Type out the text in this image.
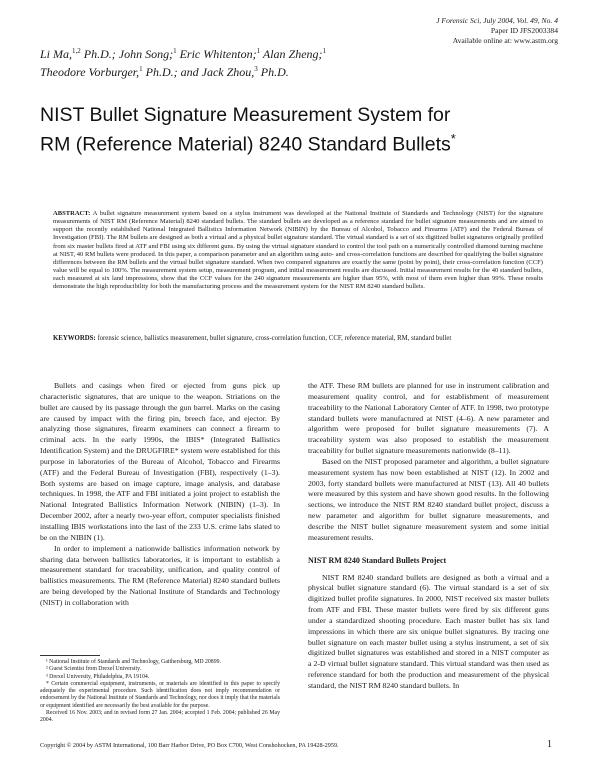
J Forensic Sci, July 2004, Vol. 49, No. 4
Paper ID JFS2003384
Available online at: www.astm.org
Li Ma,$^{1,2}$ Ph.D.; John Song;$^1$ Eric Whitenton;$^1$ Alan Zheng;$^1$
Theodore Vorburger,$^1$ Ph.D.; and Jack Zhou,$^3$ Ph.D.
NIST Bullet Signature Measurement System for
RM (Reference Material) 8240 Standard Bullets*
ABSTRACT: A bullet signature measurement system based on a stylus instrument was developed at the National Institute of Standards and Technology (NIST) for the signature measurements of NIST RM (Reference Material) 8240 standard bullets. The standard bullets are developed as a reference standard for bullet signature measurements and are aimed to support the recently established National Integrated Ballistics Information Network (NIBIN) by the Bureau of Alcohol, Tobacco and Firearms (ATF) and the Federal Bureau of Investigation (FBI). The RM bullets are designed as both a virtual and a physical bullet signature standard. The virtual standard is a set of six digitized bullet signatures originally profiled from six master bullets fired at ATF and FBI using six different guns. By using the virtual signature standard to control the tool path on a numerically controlled diamond turning machine at NIST, 40 RM bullets were produced. In this paper, a comparison parameter and an algorithm using auto- and cross-correlation functions are described for qualifying the bullet signature differences between the RM bullets and the virtual bullet signature standard. When two compared signatures are exactly the same (point by point), their cross-correlation function (CCF) value will be equal to 100%. The measurement system setup, measurement program, and initial measurement results are discussed. Initial measurement results for the 40 standard bullets, each measured at six land impressions, show that the CCF values for the 240 signature measurements are higher than 95%, with most of them even higher than 99%. These results demonstrate the high reproducibility for both the manufacturing process and the measurement system for the NIST RM 8240 standard bullets.
KEYWORDS: forensic science, ballistics measurement, bullet signature, cross-correlation function, CCF, reference material, RM, standard bullet

Bullets and casings when fired or ejected from guns pick up characteristic signatures, that are unique to the weapon. Striations on the bullet are caused by its passage through the gun barrel. Marks on the casing are caused by impact with the firing pin, breech face, and ejector. By analyzing those signatures, firearm examiners can connect a firearm to criminal acts. In the early 1990s, the IBIS* (Integrated Ballistics Identification System) and the DRUGFIRE* system were established for this purpose in laboratories of the Bureau of Alcohol, Tobacco and Firearms (ATF) and the Federal Bureau of Investigation (FBI), respectively (1–3). Both systems are based on image capture, image analysis, and database techniques. In 1998, the ATF and FBI initiated a joint project to establish the National Integrated Ballistics Information Network (NIBIN) (1–3). In December 2002, after a nearly two-year effort, computer specialists finished installing IBIS workstations into the last of the 233 U.S. crime labs slated to be on the NIBIN (1).

In order to implement a nationwide ballistics information network by sharing data between ballistics laboratories, it is important to establish a measurement standard for traceability, unification, and quality control of ballistics measurements. The RM (Reference Material) 8240 standard bullets are being developed by the National Institute of Standards and Technology (NIST) in collaboration with

the ATF. These RM bullets are planned for use in instrument calibration and measurement quality control, and for establishment of measurement traceability to the National Laboratory Center of ATF. In 1998, two prototype standard bullets were manufactured at NIST (4–6). A new parameter and algorithm were proposed for bullet signature measurements (7). A traceability system was also proposed to establish the measurement traceability for bullet signature measurements nationwide (8–11).

Based on the NIST proposed parameter and algorithm, a bullet signature measurement system has now been established at NIST (12). In 2002 and 2003, forty standard bullets were manufactured at NIST (13). All 40 bullets were measured by this system and have shown good results. In the following sections, we introduce the NIST RM 8240 standard bullet project, discuss a new parameter and algorithm for bullet signature measurements, and describe the NIST bullet signature measurement system and some initial measurement results.

NIST RM 8240 Standard Bullets Project

NIST RM 8240 standard bullets are designed as both a virtual and a physical bullet signature standard (6). The virtual standard is a set of six digitized bullet profile signatures. In 2000, NIST received six master bullets from ATF and FBI. These master bullets were fired by six different guns under a standardized shooting procedure. Each master bullet has six land impressions in which there are six unique bullet signatures. By tracing one bullet signature on each master bullet using a stylus instrument, a set of six digitized bullet signatures was established and stored in a NIST computer as a 2-D virtual bullet signature standard. This virtual standard was then used as reference standard for both the production and measurement of the physical standard, the NIST RM 8240 standard bullets. In

¹ National Institute of Standards and Technology, Gaithersburg, MD 20899.

² Guest Scientist from Drexel University.

³ Drexel University, Philadelphia, PA 19104.

* Certain commercial equipment, instruments, or materials are identified in this paper to specify adequately the experimental procedure. Such identification does not imply recommendation or endorsement by the National Institute of Standards and Technology, nor does it imply that the materials or equipment identified are necessarily the best available for the purpose.

Received 16 Nov. 2003; and in revised form 27 Jan. 2004; accepted 1 Feb. 2004; published 26 May 2004.

Copyright © 2004 by ASTM International, 100 Barr Harbor Drive, PO Box C700, West Conshohocken, PA 19428-2959.	1
